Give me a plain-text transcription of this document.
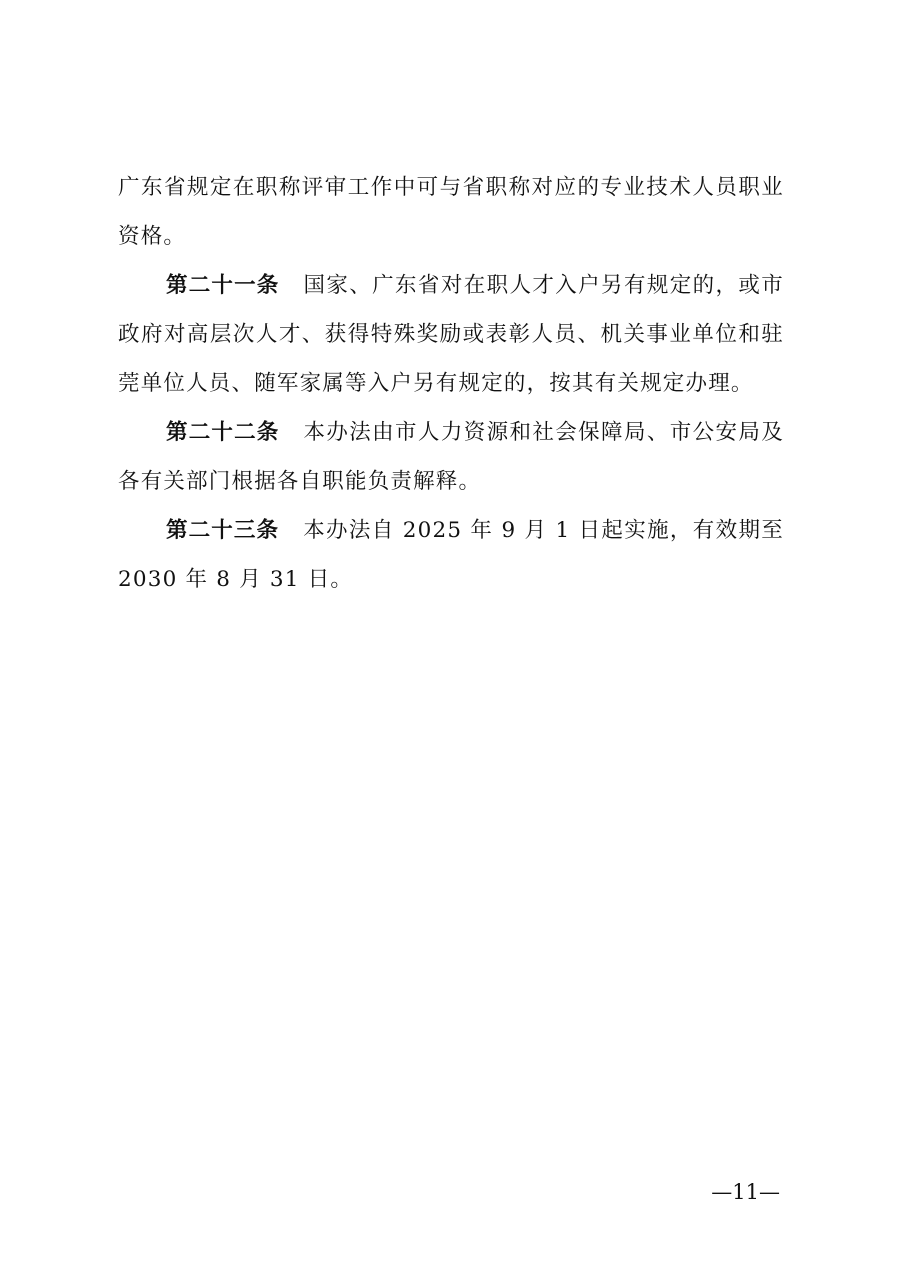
广东省规定在职称评审工作中可与省职称对应的专业技术人员职业资格。

第二十一条 国家、广东省对在职人才入户另有规定的，或市政府对高层次人才、获得特殊奖励或表彰人员、机关事业单位和驻莞单位人员、随军家属等入户另有规定的，按其有关规定办理。

第二十二条 本办法由市人力资源和社会保障局、市公安局及各有关部门根据各自职能负责解释。

第二十三条 本办法自 2025 年 9 月 1 日起实施，有效期至 2030 年 8 月 31 日。

—11—
